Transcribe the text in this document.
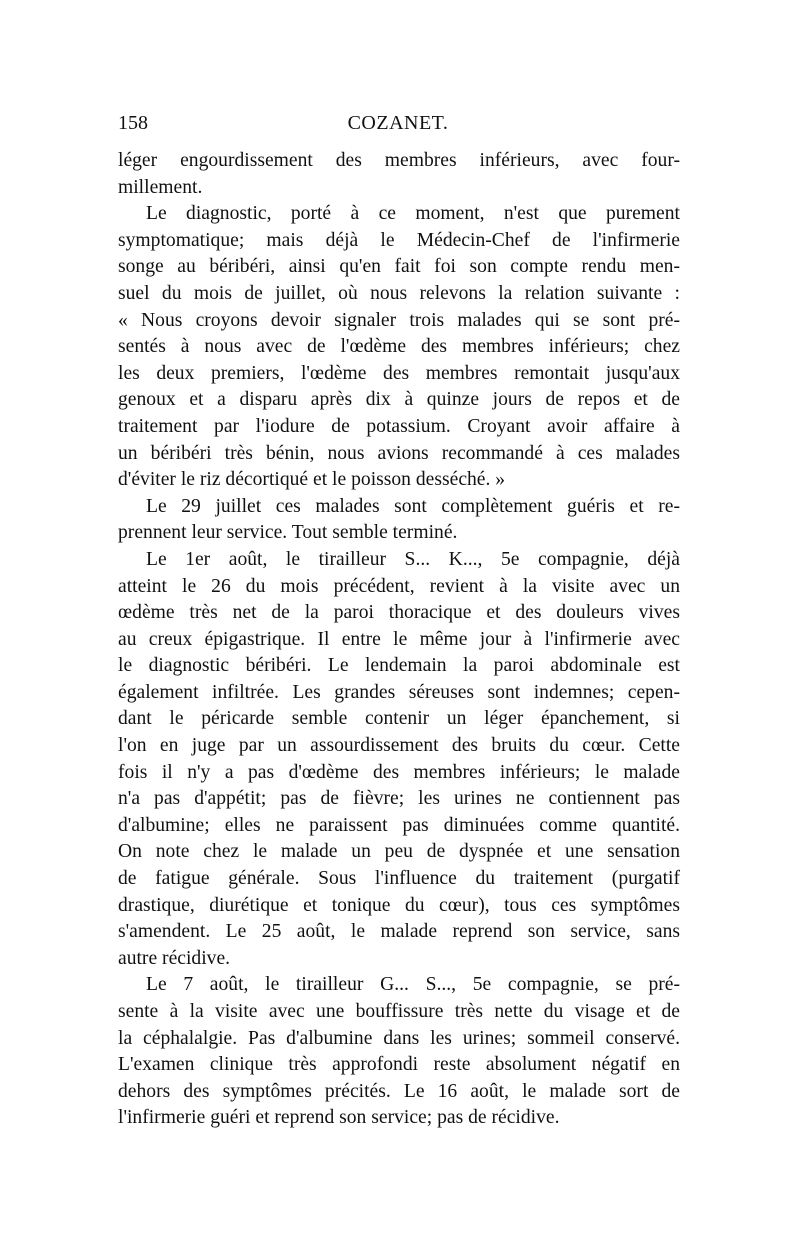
158	COZANET.
léger engourdissement des membres inférieurs, avec four-
millement.
Le diagnostic, porté à ce moment, n'est que purement
symptomatique; mais déjà le Médecin-Chef de l'infirmerie
songe au béribéri, ainsi qu'en fait foi son compte rendu men-
suel du mois de juillet, où nous relevons la relation suivante :
« Nous croyons devoir signaler trois malades qui se sont pré-
sentés à nous avec de l'œdème des membres inférieurs; chez
les deux premiers, l'œdème des membres remontait jusqu'aux
genoux et a disparu après dix à quinze jours de repos et de
traitement par l'iodure de potassium. Croyant avoir affaire à
un béribéri très bénin, nous avions recommandé à ces malades
d'éviter le riz décortiqué et le poisson desséché. »
Le 29 juillet ces malades sont complètement guéris et re-
prennent leur service. Tout semble terminé.
Le 1er août, le tirailleur S... K..., 5e compagnie, déjà
atteint le 26 du mois précédent, revient à la visite avec un
œdème très net de la paroi thoracique et des douleurs vives
au creux épigastrique. Il entre le même jour à l'infirmerie avec
le diagnostic béribéri. Le lendemain la paroi abdominale est
également infiltrée. Les grandes séreuses sont indemnes; cepen-
dant le péricarde semble contenir un léger épanchement, si
l'on en juge par un assourdissement des bruits du cœur. Cette
fois il n'y a pas d'œdème des membres inférieurs; le malade
n'a pas d'appétit; pas de fièvre; les urines ne contiennent pas
d'albumine; elles ne paraissent pas diminuées comme quantité.
On note chez le malade un peu de dyspnée et une sensation
de fatigue générale. Sous l'influence du traitement (purgatif
drastique, diurétique et tonique du cœur), tous ces symptômes
s'amendent. Le 25 août, le malade reprend son service, sans
autre récidive.
Le 7 août, le tirailleur G... S..., 5e compagnie, se pré-
sente à la visite avec une bouffissure très nette du visage et de
la céphalalgie. Pas d'albumine dans les urines; sommeil conservé.
L'examen clinique très approfondi reste absolument négatif en
dehors des symptômes précités. Le 16 août, le malade sort de
l'infirmerie guéri et reprend son service; pas de récidive.
